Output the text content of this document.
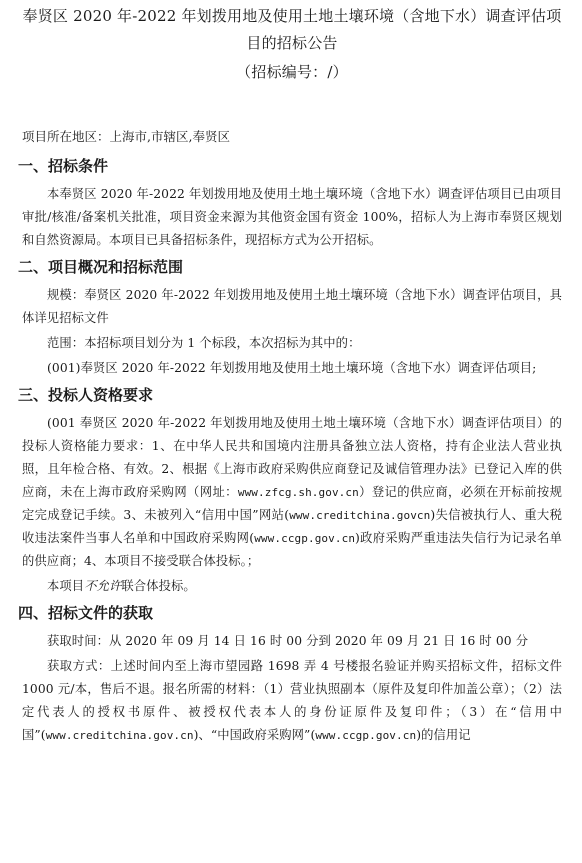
奉贤区 2020 年-2022 年划拨用地及使用土地土壤环境（含地下水）调查评估项
目的招标公告
（招标编号：/）
项目所在地区：上海市,市辖区,奉贤区
一、招标条件

本奉贤区 2020 年-2022 年划拨用地及使用土地土壤环境（含地下水）调查评估项目已由项目审批/核准/备案机关批准，项目资金来源为其他资金国有资金 100%，招标人为上海市奉贤区规划和自然资源局。本项目已具备招标条件，现招标方式为公开招标。

二、项目概况和招标范围

规模：奉贤区 2020 年-2022 年划拨用地及使用土地土壤环境（含地下水）调查评估项目，具体详见招标文件

范围：本招标项目划分为 1 个标段，本次招标为其中的：

(001)奉贤区 2020 年-2022 年划拨用地及使用土地土壤环境（含地下水）调查评估项目;

三、投标人资格要求

(001 奉贤区 2020 年-2022 年划拨用地及使用土地土壤环境（含地下水）调查评估项目）的投标人资格能力要求：1、在中华人民共和国境内注册具备独立法人资格，持有企业法人营业执照，且年检合格、有效。2、根据《上海市政府采购供应商登记及诚信管理办法》已登记入库的供应商，未在上海市政府采购网（网址：www.zfcg.sh.gov.cn）登记的供应商，必须在开标前按规定完成登记手续。3、未被列入“信用中国”网站(www.creditchina.govcn)失信被执行人、重大税收违法案件当事人名单和中国政府采购网(www.ccgp.gov.cn)政府采购严重违法失信行为记录名单的供应商；4、本项目不接受联合体投标。；

本项目不允许联合体投标。

四、招标文件的获取

获取时间：从 2020 年 09 月 14 日 16 时 00 分到 2020 年 09 月 21 日 16 时 00 分

获取方式：上述时间内至上海市望园路 1698 弄 4 号楼报名验证并购买招标文件，招标文件 1000 元/本，售后不退。报名所需的材料：（1）营业执照副本（原件及复印件加盖公章）；（2）法定代表人的授权书原件、被授权代表本人的身份证原件及复印件；（3）在“信用中国”(www.creditchina.gov.cn)、“中国政府采购网”(www.ccgp.gov.cn)的信用记
